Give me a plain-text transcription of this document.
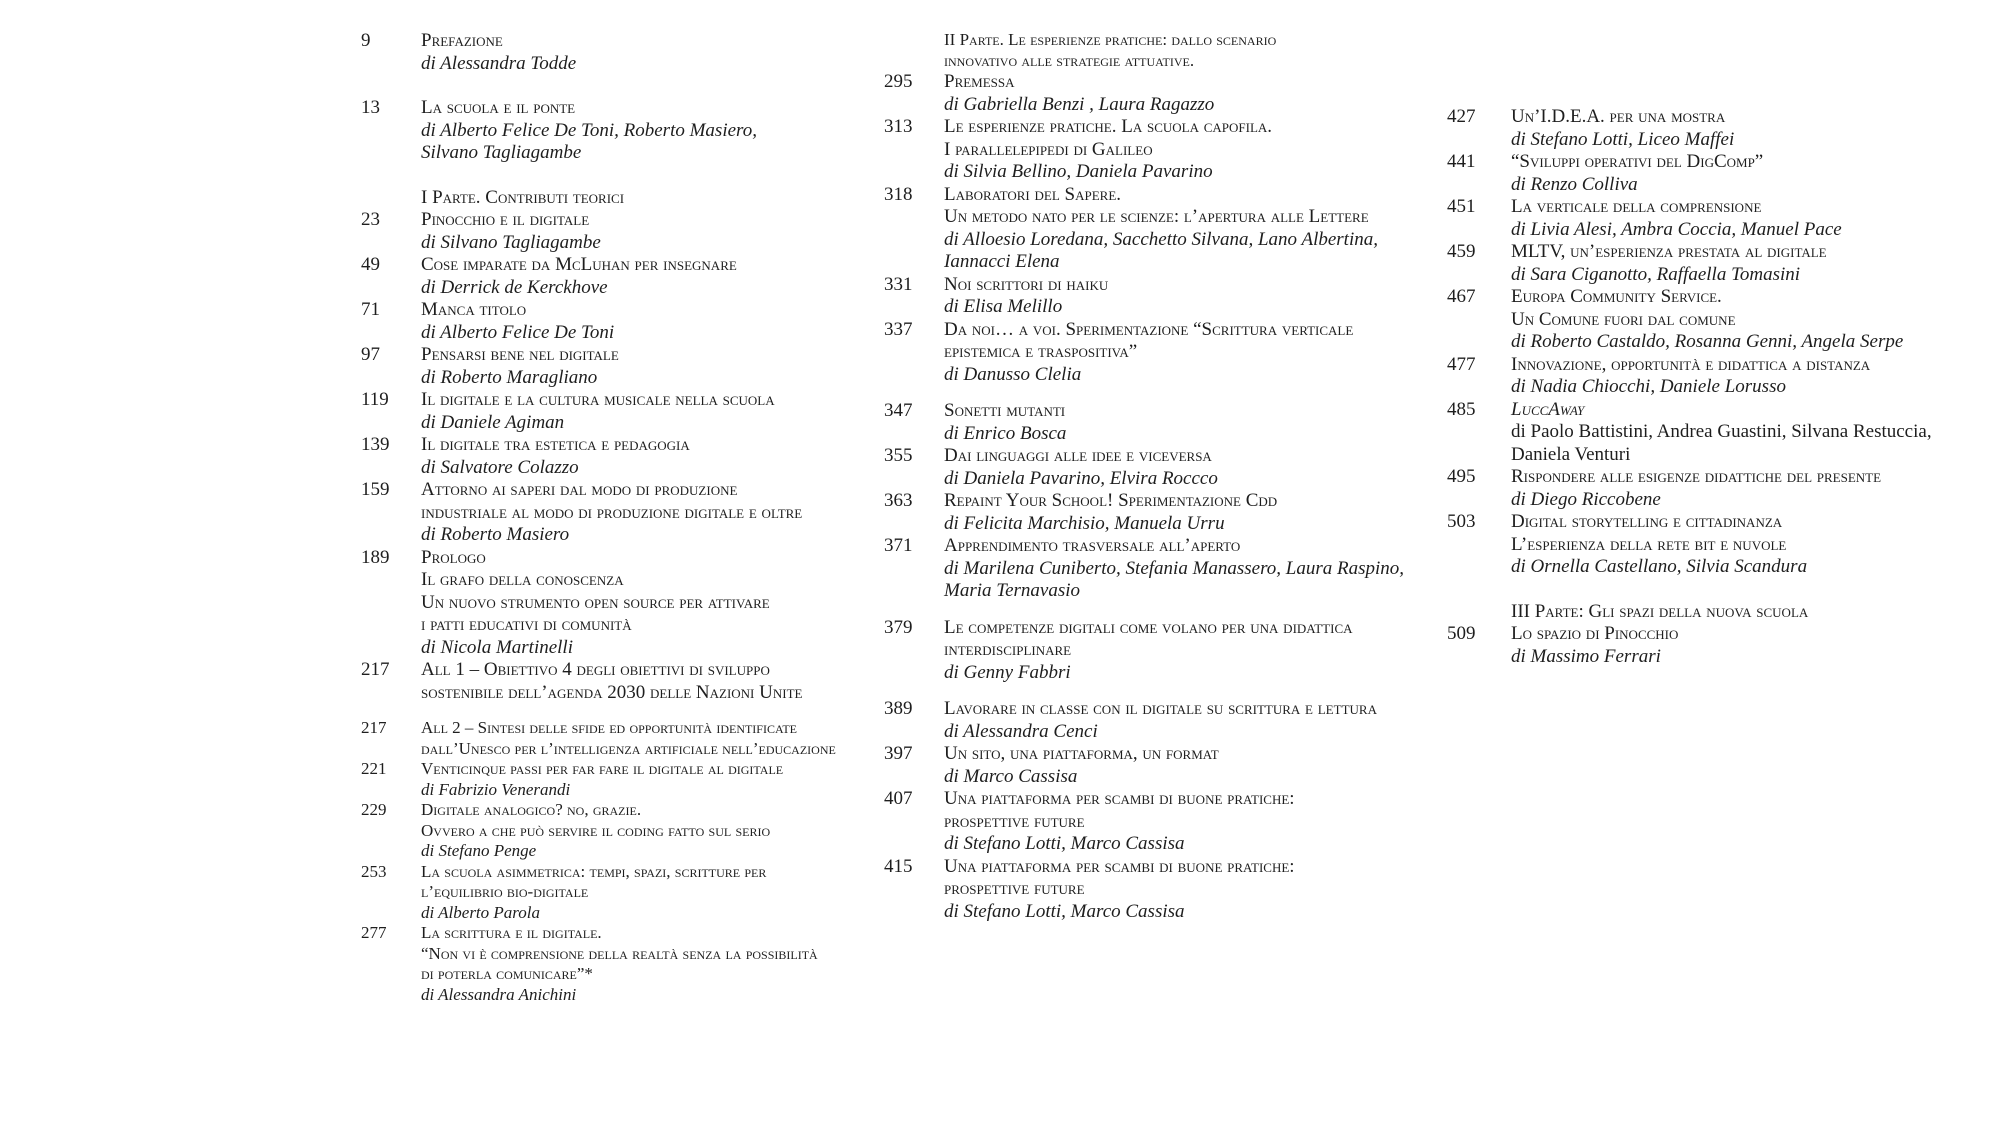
9	Prefazione
di Alessandra Todde
13 La scuola e il ponte
di Alberto Felice De Toni, Roberto Masiero,
Silvano Tagliagambe
I Parte. Contributi teorici
23 Pinocchio e il digitale
di Silvano Tagliagambe
49 Cose imparate da McLuhan per insegnare
di Derrick de Kerckhove
71 Manca titolo
di Alberto Felice De Toni
97 Pensarsi bene nel digitale
di Roberto Maragliano
119 Il digitale e la cultura musicale nella scuola
di Daniele Agiman
139 Il digitale tra estetica e pedagogia
di Salvatore Colazzo
159 Attorno ai saperi dal modo di produzione
industriale al modo di produzione digitale e oltre
di Roberto Masiero
189 Prologo
Il grafo della conoscenza
Un nuovo strumento open source per attivare
i patti educativi di comunità
di Nicola Martinelli
217 All 1 – Obiettivo 4 degli obiettivi di sviluppo
sostenibile dell’agenda 2030 delle Nazioni Unite
217 All 2 – Sintesi delle sfide ed opportunità identificate
dall’Unesco per l’intelligenza artificiale nell’educazione
221 Venticinque passi per far fare il digitale al digitale
di Fabrizio Venerandi
229 Digitale analogico? no, grazie.
Ovvero a che può servire il coding fatto sul serio
di Stefano Penge
253 La scuola asimmetrica: tempi, spazi, scritture per
l’equilibrio bio-digitale
di Alberto Parola
277 La scrittura e il digitale.
“Non vi è comprensione della realtà senza la possibilità
di poterla comunicare”*
di Alessandra Anichini
II Parte. Le esperienze pratiche: dallo scenario
innovativo alle strategie attuative.
295 Premessa
di Gabriella Benzi , Laura Ragazzo
313 Le esperienze pratiche. La scuola capofila.
I parallelepipedi di Galileo
di Silvia Bellino, Daniela Pavarino
318 Laboratori del Sapere.
Un metodo nato per le scienze: l’apertura alle Lettere
di Alloesio Loredana, Sacchetto Silvana, Lano Albertina,
Iannacci Elena
331 Noi scrittori di haiku
di Elisa Melillo
337 Da noi… a voi. Sperimentazione “Scrittura verticale
epistemica e traspositiva”
di Danusso Clelia
347 Sonetti mutanti
di Enrico Bosca
355 Dai linguaggi alle idee e viceversa
di Daniela Pavarino, Elvira Roccco
363 Repaint Your School! Sperimentazione Cdd
di Felicita Marchisio, Manuela Urru
371 Apprendimento trasversale all’aperto
di Marilena Cuniberto, Stefania Manassero, Laura Raspino,
Maria Ternavasio
379 Le competenze digitali come volano per una didattica
interdisciplinare
di Genny Fabbri
389 Lavorare in classe con il digitale su scrittura e lettura
di Alessandra Cenci
397 Un sito, una piattaforma, un format
di Marco Cassisa
407 Una piattaforma per scambi di buone pratiche:
prospettive future
di Stefano Lotti, Marco Cassisa
415 Una piattaforma per scambi di buone pratiche:
prospettive future
di Stefano Lotti, Marco Cassisa
427 Un’I.D.E.A. per una mostra
di Stefano Lotti, Liceo Maffei
441 “Sviluppi operativi del DigComp”
di Renzo Colliva
451 La verticale della comprensione
di Livia Alesi, Ambra Coccia, Manuel Pace
459 MLTV, un’esperienza prestata al digitale
di Sara Ciganotto, Raffaella Tomasini
467 Europa Community Service.
Un Comune fuori dal comune
di Roberto Castaldo, Rosanna Genni, Angela Serpe
477 Innovazione, opportunità e didattica a distanza
di Nadia Chiocchi, Daniele Lorusso
485 LuccAway
di Paolo Battistini, Andrea Guastini, Silvana Restuccia,
Daniela Venturi
495 Rispondere alle esigenze didattiche del presente
di Diego Riccobene
503 Digital storytelling e cittadinanza
L’esperienza della rete bit e nuvole
di Ornella Castellano, Silvia Scandura
III Parte: Gli spazi della nuova scuola
509 Lo spazio di Pinocchio
di Massimo Ferrari
